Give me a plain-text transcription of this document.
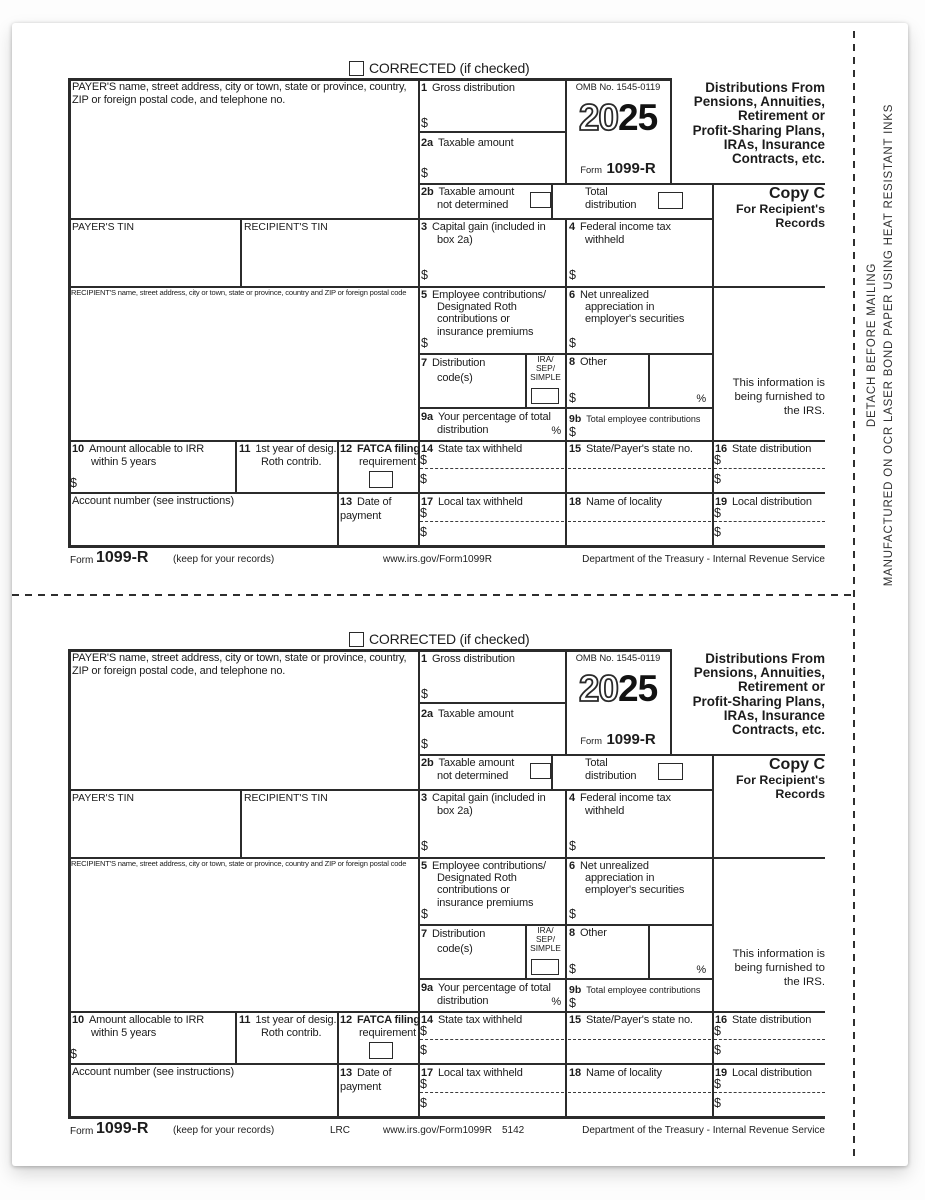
DETACH BEFORE MAILING MANUFACTURED ON OCR LASER BOND PAPER USING HEAT RESISTANT INKS
CORRECTED (if checked)
PAYER'S name, street address, city or town, state or province, country, ZIP or foreign postal code, and telephone no.
1 Gross distribution
$
2a Taxable amount
$
2b Taxable amount
not determined
Total
distribution
OMB No. 1545-0119
2025
Form 1099-R
Distributions From
Pensions, Annuities,
Retirement or
Profit-Sharing Plans,
IRAs, Insurance
Contracts, etc.
Copy C
For Recipient's
Records
PAYER'S TIN	RECIPIENT'S TIN	3 Capital gain (included in
box 2a)
$
4 Federal income tax
withheld
$
RECIPIENT'S name, street address, city or town, state or province, country and ZIP or foreign postal code 5 Employee contributions/
Designated Roth
contributions or
insurance premiums
$
6 Net unrealized
appreciation in
employer's securities
$
7 Distribution
code(s)
IRA/
SEP/
SIMPLE
8 Other
$	%
9a Your percentage of total
distribution	%
9b Total employee contributions
$
This information is
being furnished to
the IRS.
10 Amount allocable to IRR
within 5 years
$
11 1st year of desig.
Roth contrib.
12 FATCA filing
requirement
14 State tax withheld
$
$
15 State/Payer's state no. 16 State distribution
$
$
Account number (see instructions)	13 Date of
payment
17 Local tax withheld
$
$
18 Name of locality	19 Local distribution
$
$
Form 1099-R (keep for your records)	www.irs.gov/Form1099R	Department of the Treasury - Internal Revenue Service
CORRECTED (if checked)
PAYER'S name, street address, city or town, state or province, country, ZIP or foreign postal code, and telephone no.
1 Gross distribution
$
2a Taxable amount
$
2b Taxable amount
not determined
Total
distribution
OMB No. 1545-0119
2025
Form 1099-R
Distributions From
Pensions, Annuities,
Retirement or
Profit-Sharing Plans,
IRAs, Insurance
Contracts, etc.
Copy C
For Recipient's
Records
PAYER'S TIN	RECIPIENT'S TIN	3 Capital gain (included in
box 2a)
$
4 Federal income tax
withheld
$
RECIPIENT'S name, street address, city or town, state or province, country and ZIP or foreign postal code 5 Employee contributions/
Designated Roth
contributions or
insurance premiums
$
6 Net unrealized
appreciation in
employer's securities
$
7 Distribution
code(s)
IRA/
SEP/
SIMPLE
8 Other
$	%
9a Your percentage of total
distribution	%
9b Total employee contributions
$
This information is
being furnished to
the IRS.
10 Amount allocable to IRR
within 5 years
$
11 1st year of desig.
Roth contrib.
12 FATCA filing
requirement
14 State tax withheld
$
$
15 State/Payer's state no. 16 State distribution
$
$
Account number (see instructions)	13 Date of
payment
17 Local tax withheld
$
$
18 Name of locality	19 Local distribution
$
$
Form 1099-R (keep for your records)	LRC	www.irs.gov/Form1099R 5142	Department of the Treasury - Internal Revenue Service
